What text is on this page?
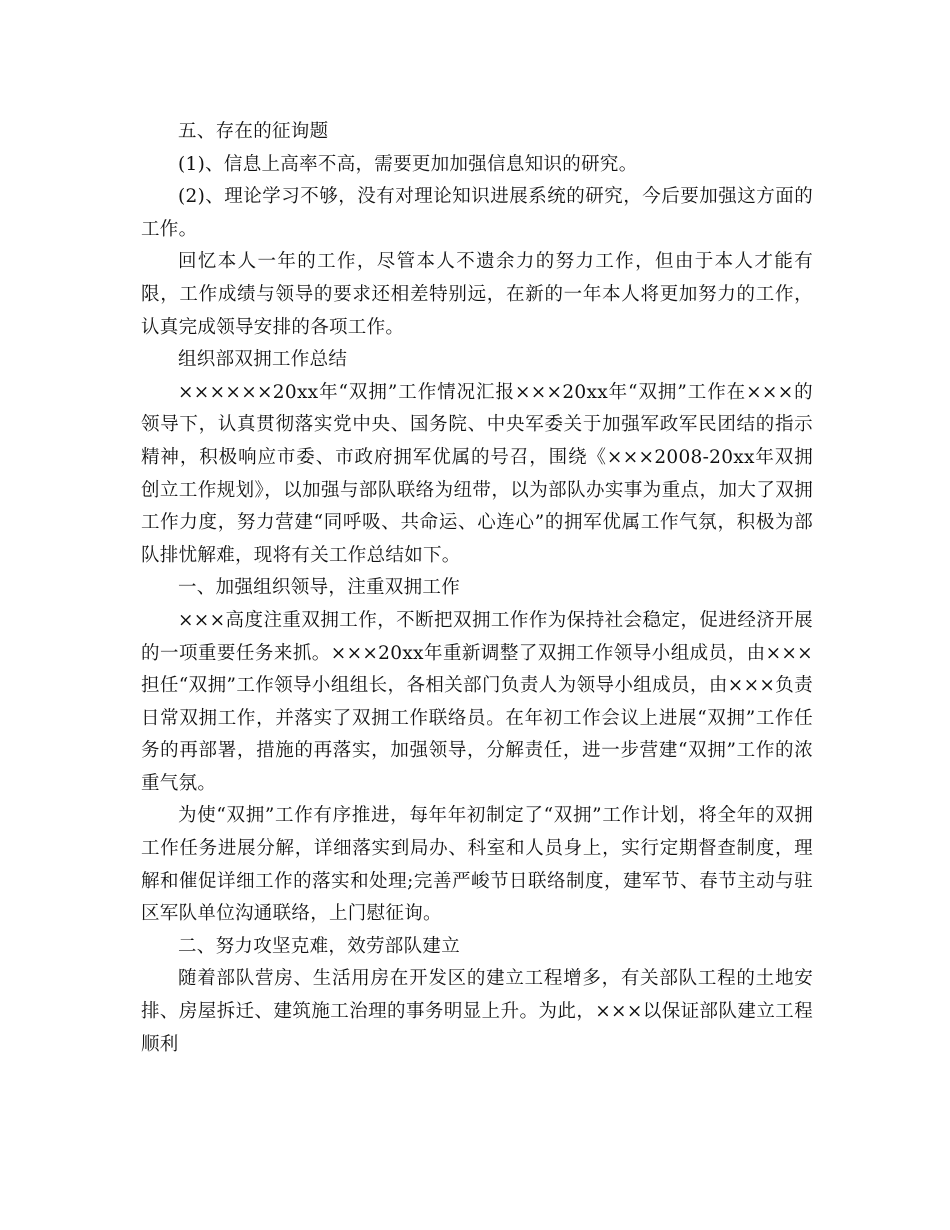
五、存在的征询题

(1)、信息上高率不高，需要更加加强信息知识的研究。

(2)、理论学习不够，没有对理论知识进展系统的研究，今后要加强这方面的工作。

回忆本人一年的工作，尽管本人不遗余力的努力工作，但由于本人才能有限，工作成绩与领导的要求还相差特别远，在新的一年本人将更加努力的工作，认真完成领导安排的各项工作。

组织部双拥工作总结

××××××20xx年“双拥”工作情况汇报×××20xx年“双拥”工作在×××的领导下，认真贯彻落实党中央、国务院、中央军委关于加强军政军民团结的指示精神，积极响应市委、市政府拥军优属的号召，围绕《×××2008-20xx年双拥创立工作规划》，以加强与部队联络为纽带，以为部队办实事为重点，加大了双拥工作力度，努力营建“同呼吸、共命运、心连心”的拥军优属工作气氛，积极为部队排忧解难，现将有关工作总结如下。

一、加强组织领导，注重双拥工作

×××高度注重双拥工作，不断把双拥工作作为保持社会稳定，促进经济开展的一项重要任务来抓。×××20xx年重新调整了双拥工作领导小组成员，由×××担任“双拥”工作领导小组组长，各相关部门负责人为领导小组成员，由×××负责日常双拥工作，并落实了双拥工作联络员。在年初工作会议上进展“双拥”工作任务的再部署，措施的再落实，加强领导，分解责任，进一步营建“双拥”工作的浓重气氛。

为使“双拥”工作有序推进，每年年初制定了“双拥”工作计划，将全年的双拥工作任务进展分解，详细落实到局办、科室和人员身上，实行定期督查制度，理解和催促详细工作的落实和处理;完善严峻节日联络制度，建军节、春节主动与驻区军队单位沟通联络，上门慰征询。

二、努力攻坚克难，效劳部队建立

随着部队营房、生活用房在开发区的建立工程增多，有关部队工程的土地安排、房屋拆迁、建筑施工治理的事务明显上升。为此，×××以保证部队建立工程顺利
